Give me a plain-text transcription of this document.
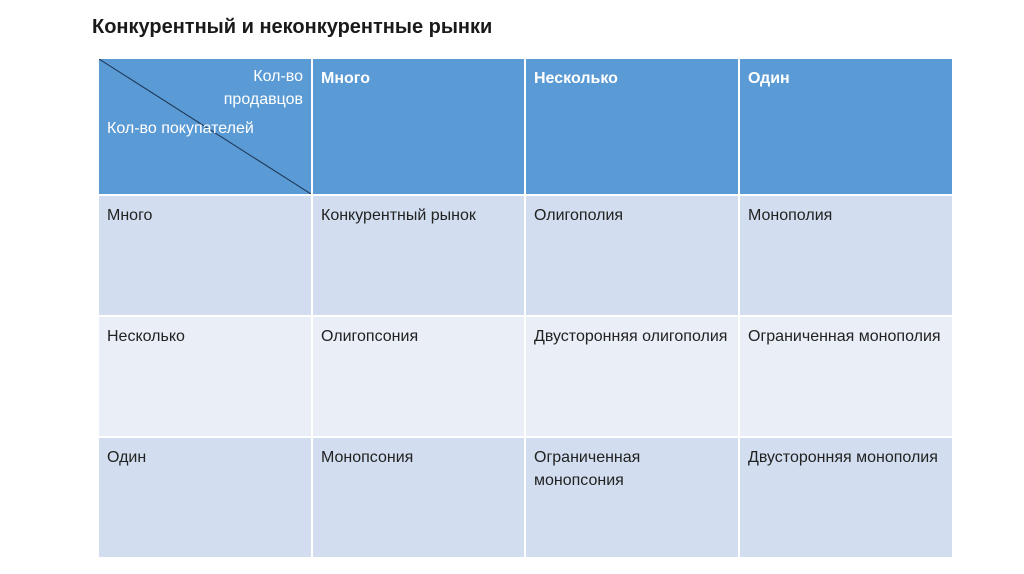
Конкурентный и неконкурентные рынки
Кол-во продавцов
Кол-во покупателей	Много	Несколько	Один
Много	Конкурентный рынок	Олигополия	Монополия
Несколько	Олигопсония	Двусторонняя олигополия	Ограниченная монополия
Один	Монопсония	Ограниченная монопсония	Двусторонняя монополия
